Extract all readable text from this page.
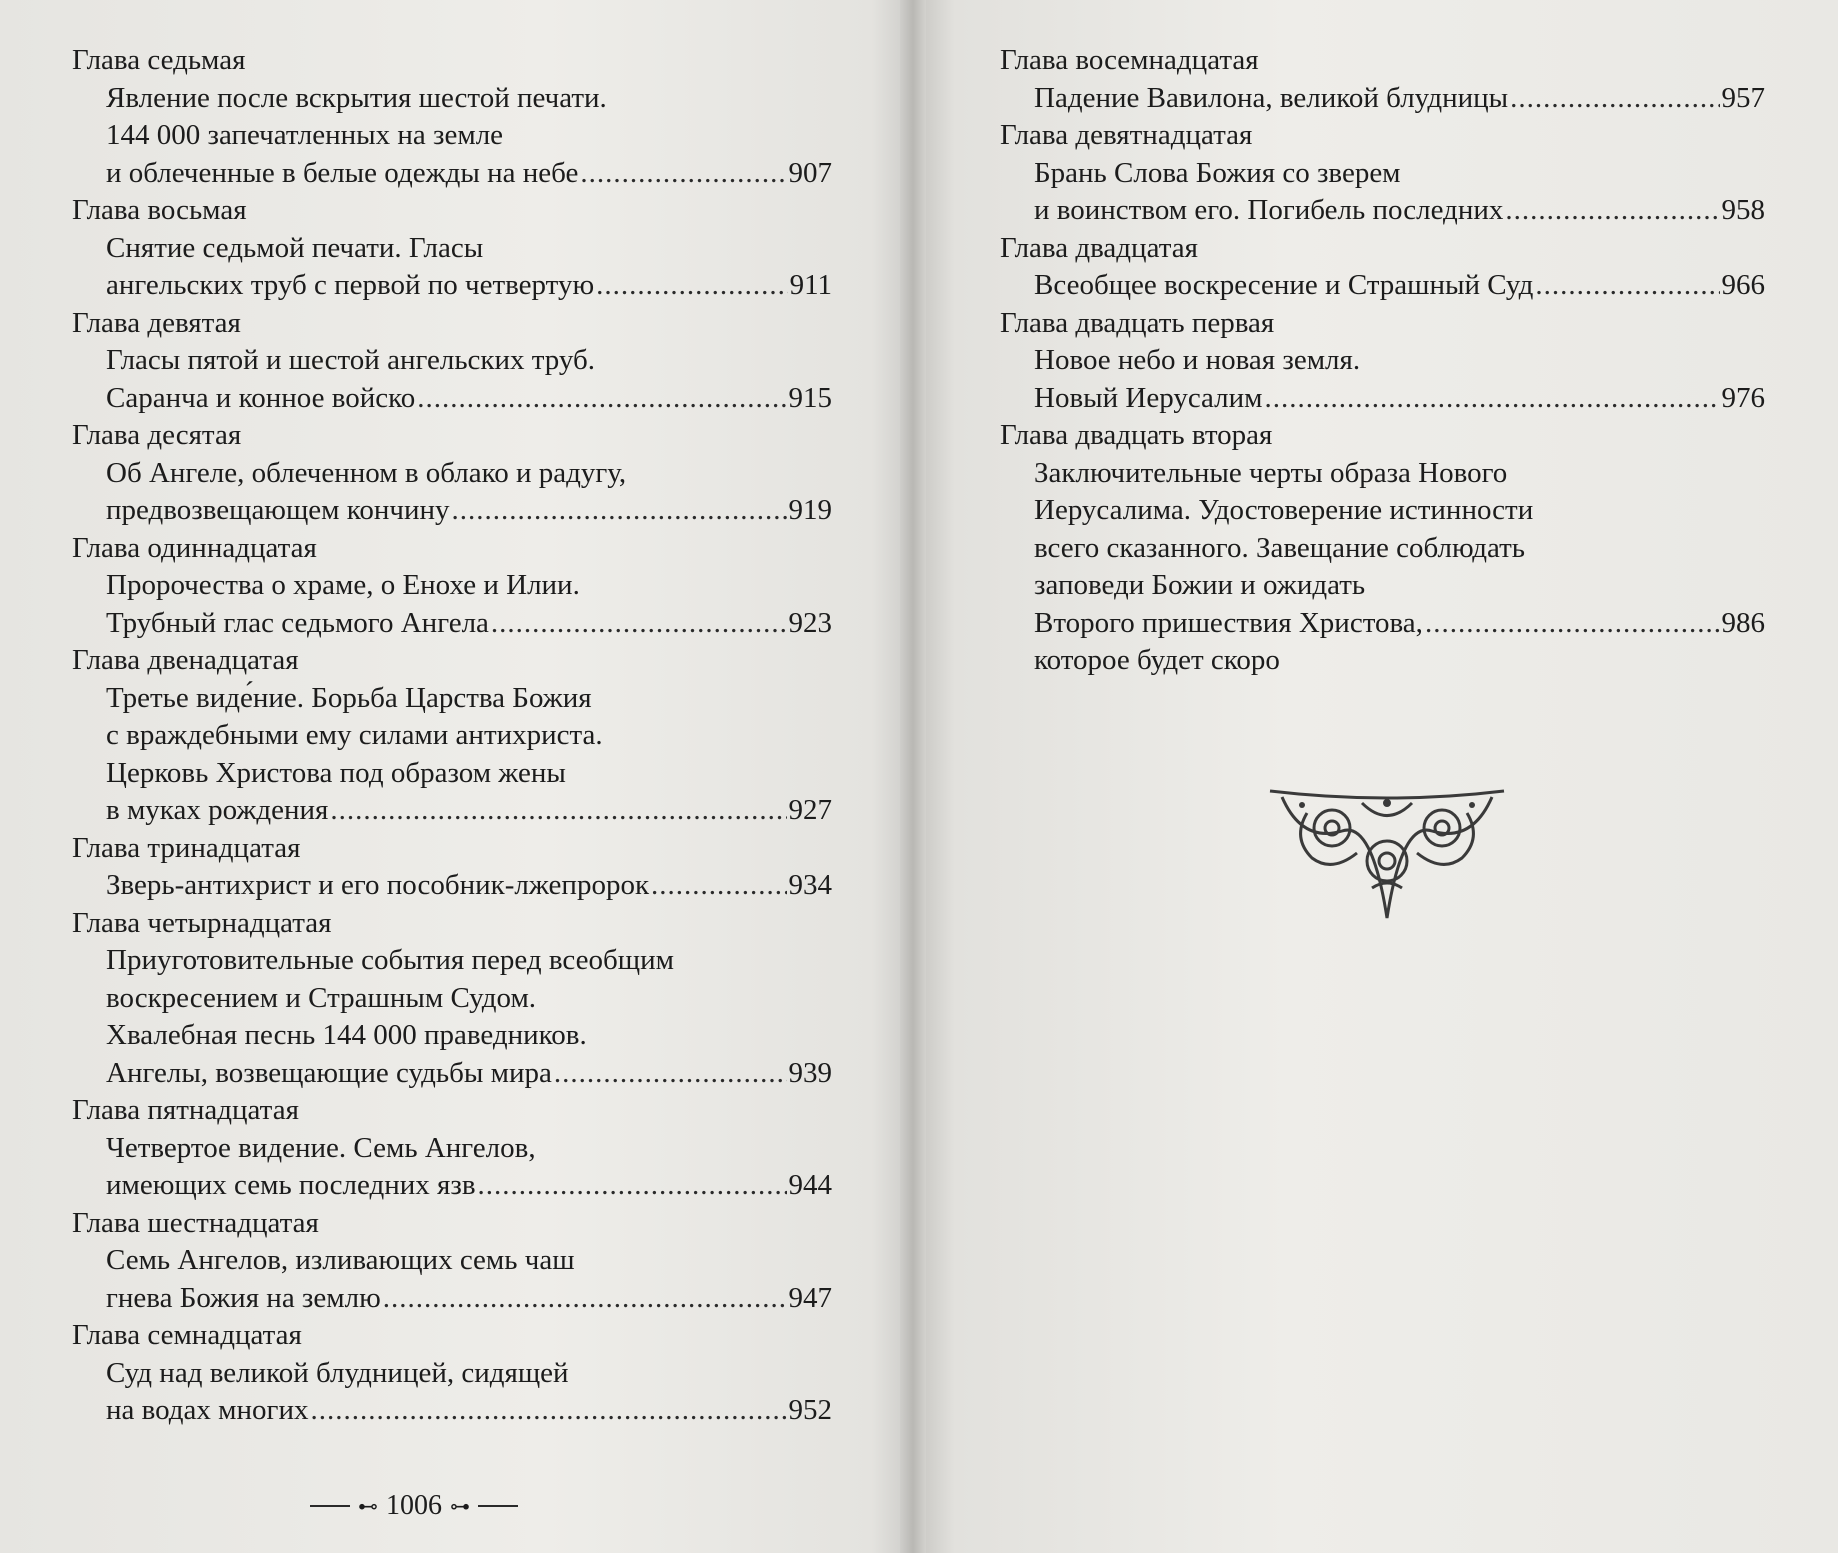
Глава седьмая
Явление после вскрытия шестой печати.
144 000 запечатленных на земле
и облеченные в белые одежды на небе .....	907
Глава восьмая
Снятие седьмой печати. Гласы
ангельских труб с первой по четвертую .....	911
Глава девятая
Гласы пятой и шестой ангельских труб.
Саранча и конное войско .....	915
Глава десятая
Об Ангеле, облеченном в облако и радугу,
предвозвещающем кончину .....	919
Глава одиннадцатая
Пророчества о храме, о Енохе и Илии.
Трубный глас седьмого Ангела .....	923
Глава двенадцатая
Третье виде́ние. Борьба Царства Божия
с враждебными ему силами антихриста.
Церковь Христова под образом жены
в муках рождения .....	927
Глава тринадцатая
Зверь-антихрист и его пособник-лжепророк .....	934
Глава четырнадцатая
Приуготовительные события перед всеобщим
воскресением и Страшным Судом.
Хвалебная песнь 144 000 праведников.
Ангелы, возвещающие судьбы мира .....	939
Глава пятнадцатая
Четвертое видение. Семь Ангелов,
имеющих семь последних язв .....	944
Глава шестнадцатая
Семь Ангелов, изливающих семь чаш
гнева Божия на землю .....	947
Глава семнадцатая
Суд над великой блудницей, сидящей
на водах многих .....	952
Глава восемнадцатая
Падение Вавилона, великой блудницы .....	957
Глава девятнадцатая
Брань Слова Божия со зверем
и воинством его. Погибель последних .....	958
Глава двадцатая
Всеобщее воскресение и Страшный Суд .....	966
Глава двадцать первая
Новое небо и новая земля.
Новый Иерусалим .....	976
Глава двадцать вторая
Заключительные черты образа Нового
Иерусалима. Удостоверение истинности
всего сказанного. Завещание соблюдать
заповеди Божии и ожидать
Второго пришествия Христова, .....	986
которое будет скоро
⊷ 1006 ⊶
